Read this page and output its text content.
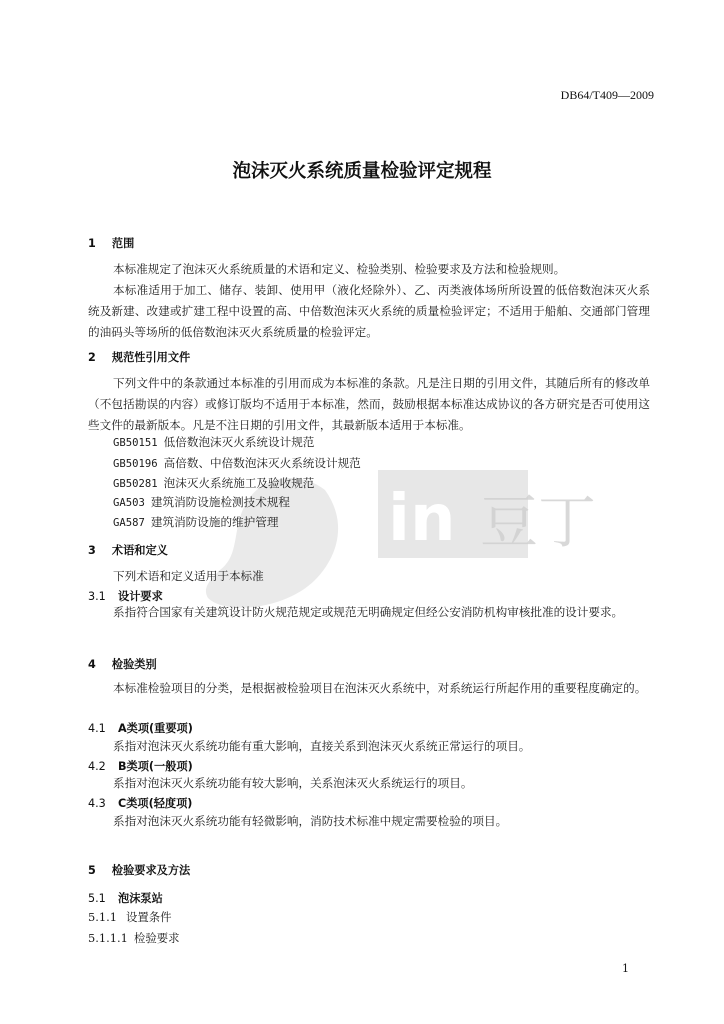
in 豆丁
DB64/T409—2009
泡沫灭火系统质量检验评定规程
1 范围
本标准规定了泡沫灭火系统质量的术语和定义、检验类别、检验要求及方法和检验规则。
本标准适用于加工、储存、装卸、使用甲（液化烃除外）、乙、丙类液体场所所设置的低倍数泡沫灭火系统及新建、改建或扩建工程中设置的高、中倍数泡沫灭火系统的质量检验评定；不适用于船舶、交通部门管理的油码头等场所的低倍数泡沫灭火系统质量的检验评定。
2 规范性引用文件
下列文件中的条款通过本标准的引用而成为本标准的条款。凡是注日期的引用文件，其随后所有的修改单（不包括勘误的内容）或修订版均不适用于本标准，然而，鼓励根据本标准达成协议的各方研究是否可使用这些文件的最新版本。凡是不注日期的引用文件，其最新版本适用于本标准。
GB50151 低倍数泡沫灭火系统设计规范
GB50196 高倍数、中倍数泡沫灭火系统设计规范
GB50281 泡沫灭火系统施工及验收规范
GA503 建筑消防设施检测技术规程
GA587 建筑消防设施的维护管理
3 术语和定义
下列术语和定义适用于本标准
3.1 设计要求
系指符合国家有关建筑设计防火规范规定或规范无明确规定但经公安消防机构审核批准的设计要求。
4 检验类别
本标准检验项目的分类，是根据被检验项目在泡沫灭火系统中，对系统运行所起作用的重要程度确定的。
4.1 A类项(重要项)
系指对泡沫灭火系统功能有重大影响，直接关系到泡沫灭火系统正常运行的项目。
4.2 B类项(一般项)
系指对泡沫灭火系统功能有较大影响，关系泡沫灭火系统运行的项目。
4.3 C类项(轻度项)
系指对泡沫灭火系统功能有轻微影响，消防技术标准中规定需要检验的项目。
5 检验要求及方法
5.1 泡沫泵站
5.1.1 设置条件
5.1.1.1 检验要求
1
